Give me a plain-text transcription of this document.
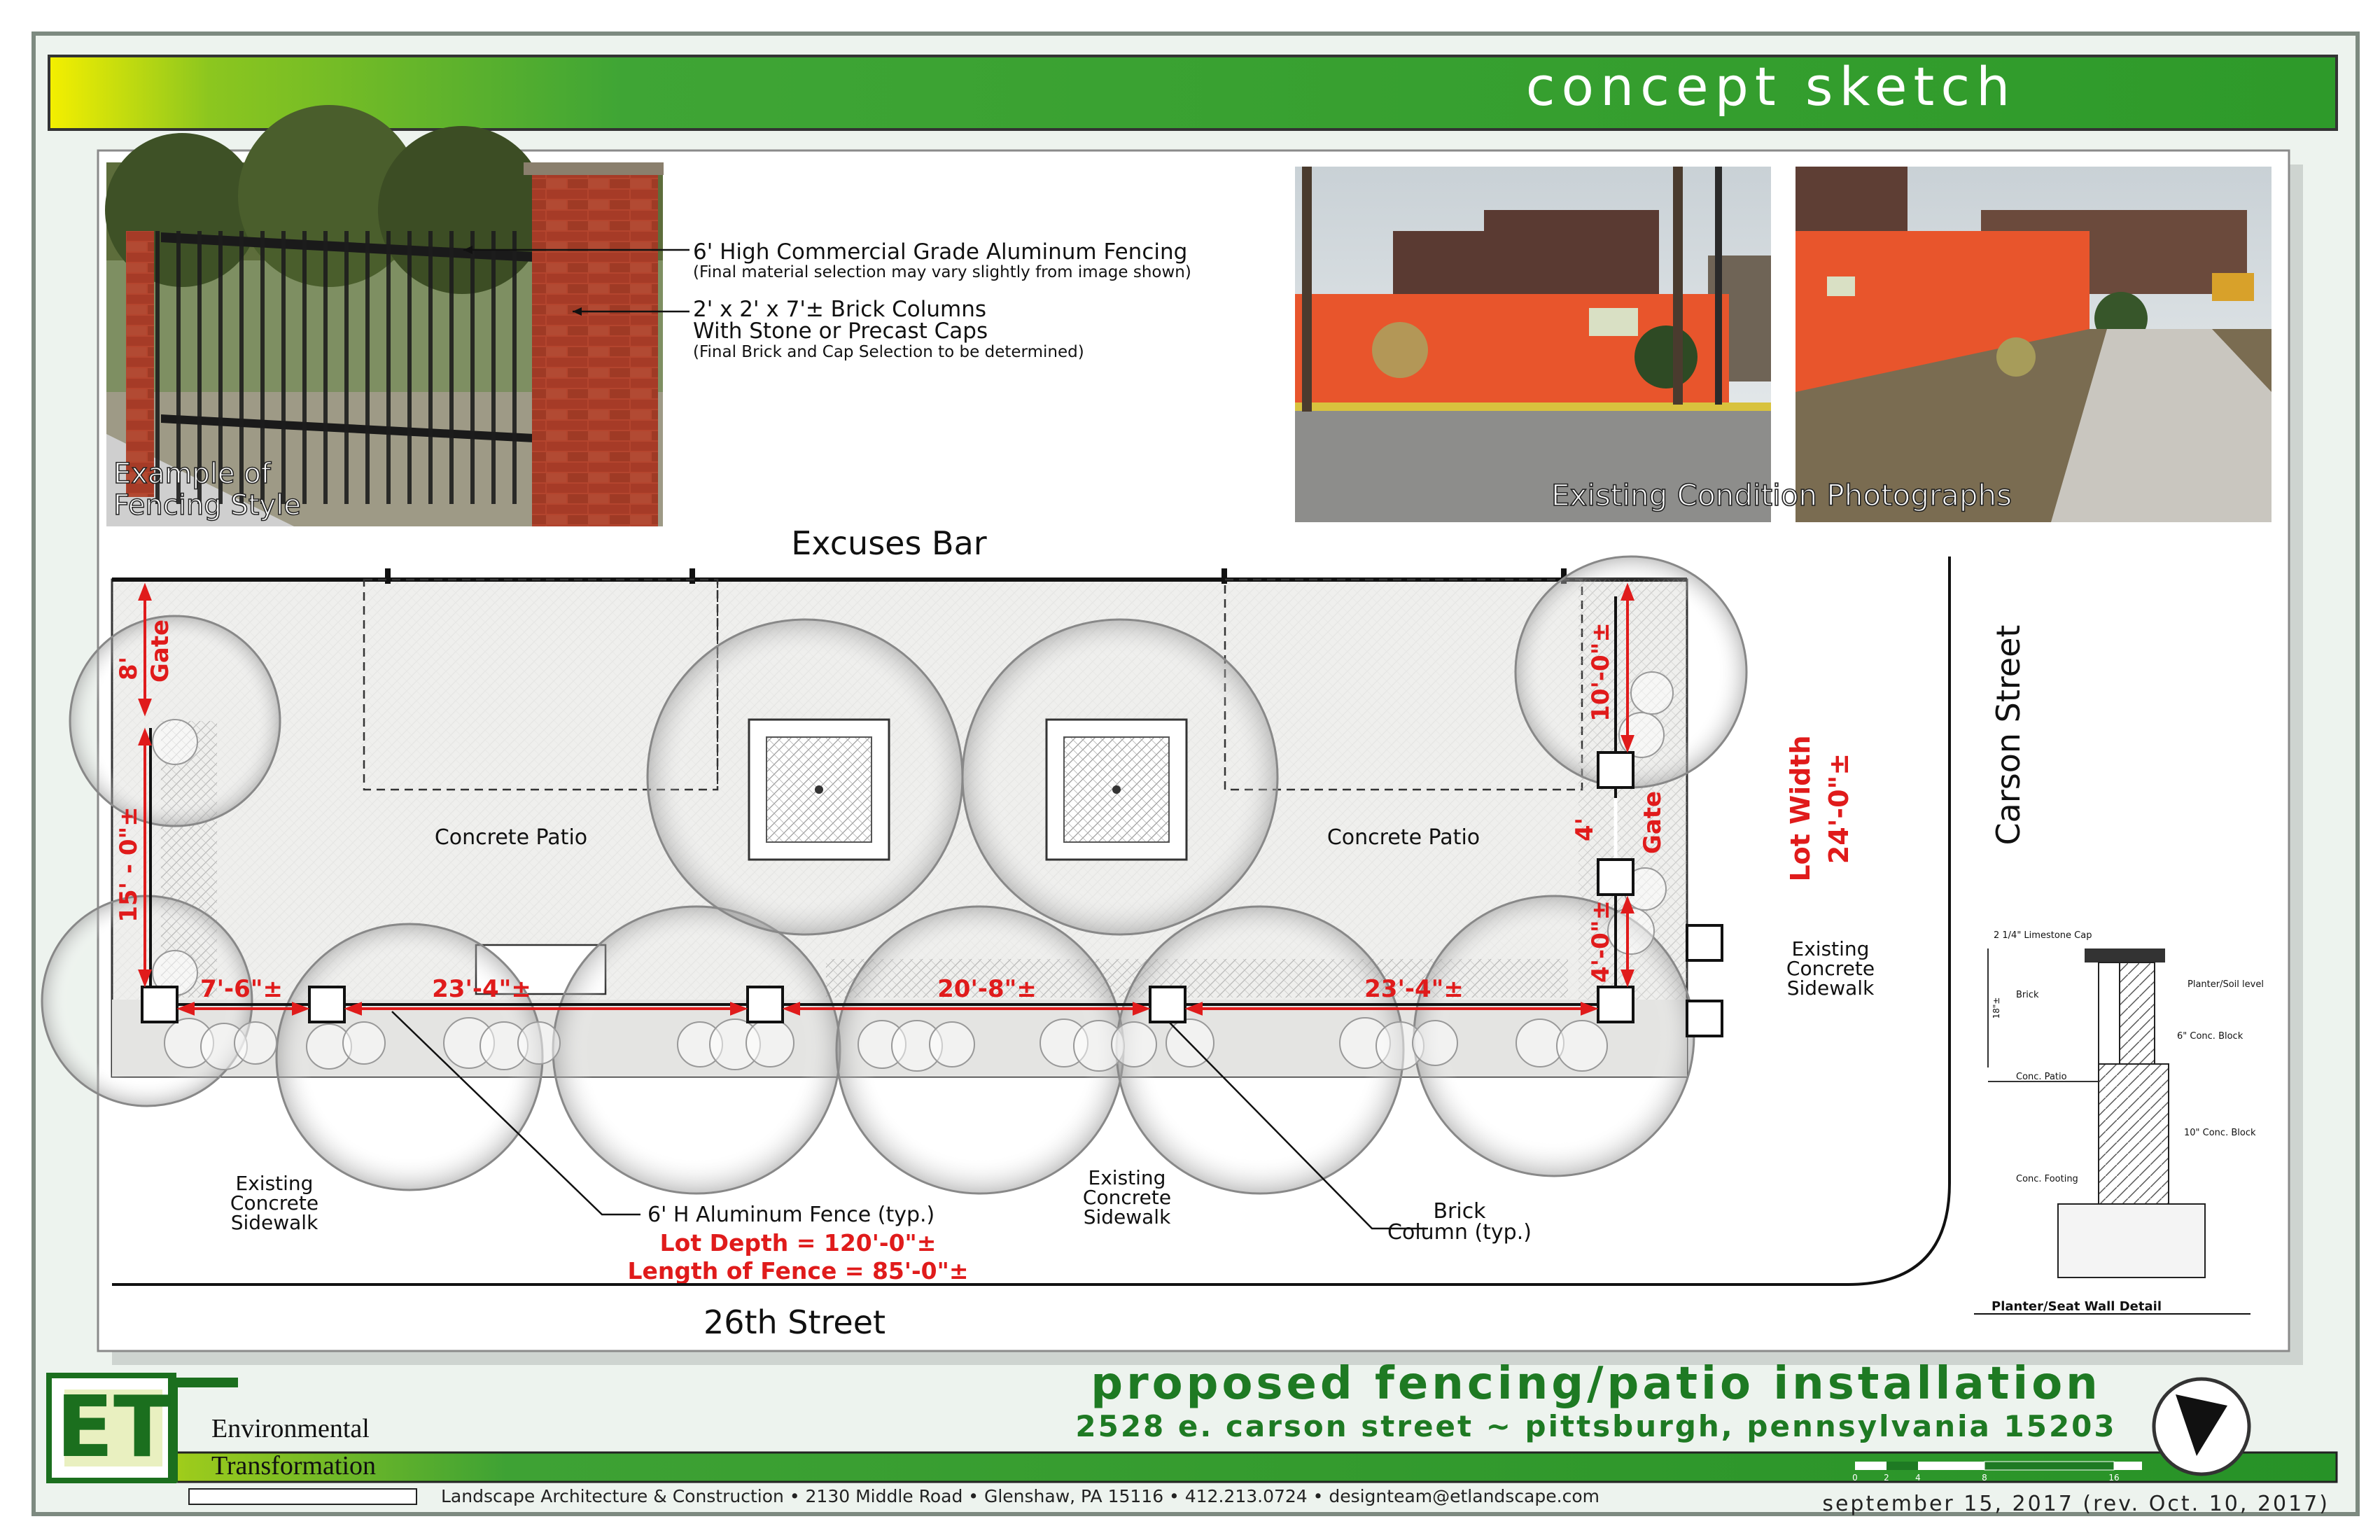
concept sketch
Example of
Fencing Style
6' High Commercial Grade Aluminum Fencing
(Final material selection may vary slightly from image shown)
2' x 2' x 7'± Brick Columns
With Stone or Precast Caps
(Final Brick and Cap Selection to be determined)
Existing Condition Photographs
8' Gate
15' - 0"±
7'-6"±	23'-4"±	20'-8"±	23'-4"±
10'-0"±
4' Gate
4'-0"±
Lot Width 24'-0"±
Excuses Bar
Concrete Patio	Concrete Patio
26th Street
Carson Street
Existing
Concrete
Sidewalk
Existing
Concrete
Sidewalk
Existing
Concrete
Sidewalk
6' H Aluminum Fence (typ.)
Lot Depth = 120'-0"±
Length of Fence = 85'-0"±
Brick
Column (typ.)
2 1/4" Limestone Cap
Planter/Soil level
Brick
18"±
6" Conc. Block
Conc. Patio
10" Conc. Block
Conc. Footing
Planter/Seat Wall Detail
ET Environmental
Transformation
Landscape Architecture & Construction • 2130 Middle Road • Glenshaw, PA 15116 • 412.213.0724 • designteam@etlandscape.com
proposed fencing/patio installation
2528 e. carson street ~ pittsburgh, pennsylvania 15203
september 15, 2017 (rev. Oct. 10, 2017)
0	2	4	8	16
